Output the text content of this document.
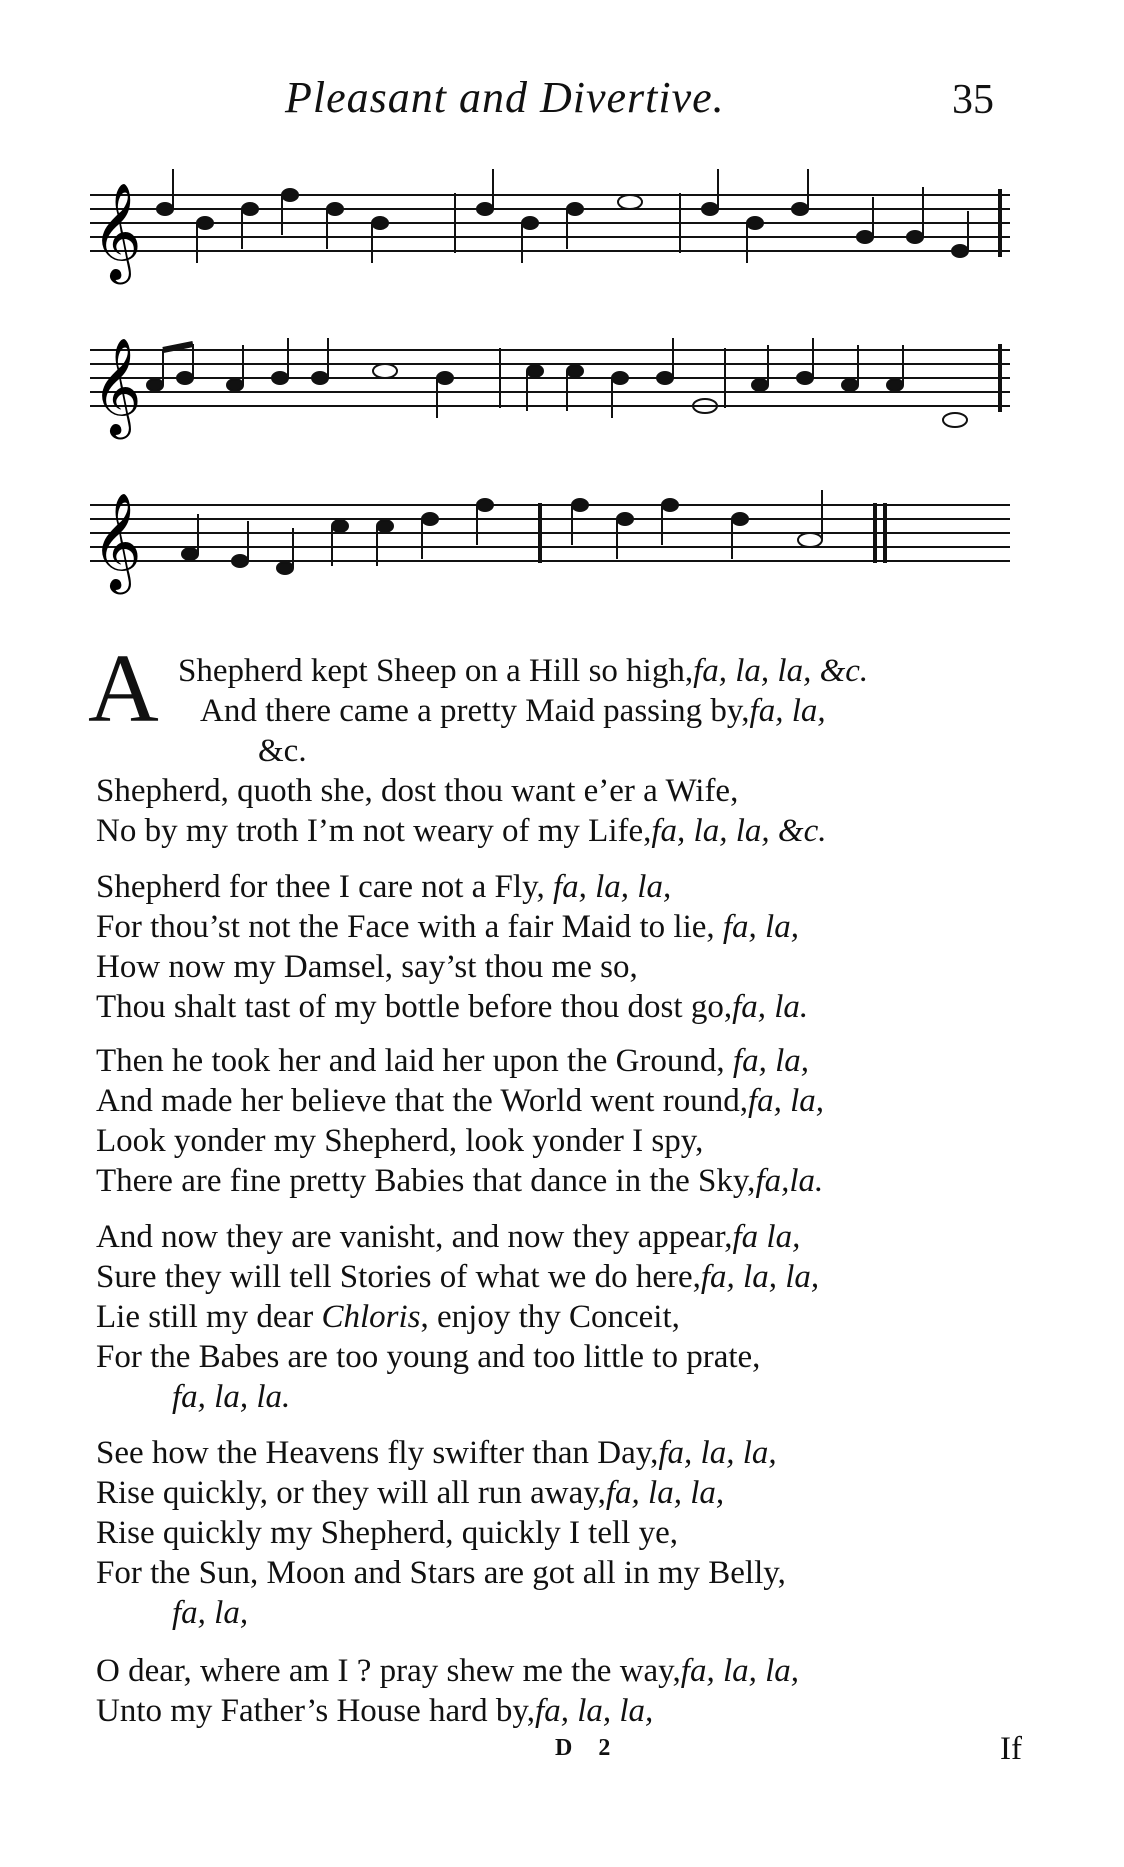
Pleasant and Divertive.	35
𝄞
𝄞
𝄞
A Shepherd kept Sheep on a Hill so high,fa, la, la, &c.
And there came a pretty Maid passing by,fa, la,
&c.
Shepherd, quoth she, dost thou want e’er a Wife,
No by my troth I’m not weary of my Life,fa, la, la, &c.
Shepherd for thee I care not a Fly, fa, la, la,
For thou’st not the Face with a fair Maid to lie, fa, la,
How now my Damsel, say’st thou me so,
Thou shalt tast of my bottle before thou dost go,fa, la.
Then he took her and laid her upon the Ground, fa, la,
And made her believe that the World went round,fa, la,
Look yonder my Shepherd, look yonder I spy,
There are fine pretty Babies that dance in the Sky,fa,la.
And now they are vanisht, and now they appear,fa la,
Sure they will tell Stories of what we do here,fa, la, la,
Lie still my dear Chloris, enjoy thy Conceit,
For the Babes are too young and too little to prate,
fa, la, la.
See how the Heavens fly swifter than Day,fa, la, la,
Rise quickly, or they will all run away,fa, la, la,
Rise quickly my Shepherd, quickly I tell ye,
For the Sun, Moon and Stars are got all in my Belly,
fa, la,
O dear, where am I ? pray shew me the way,fa, la, la,
Unto my Father’s House hard by,fa, la, la,
D 2	If
